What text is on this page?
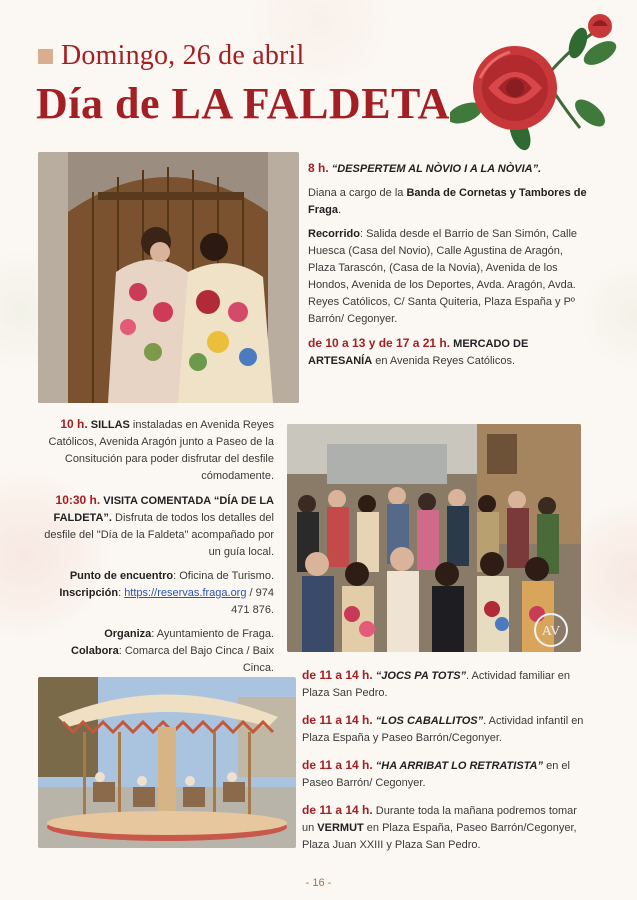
Domingo, 26 de abril
Día de LA FALDETA

8 h. “DESPERTEM AL NÒVIO I A LA NÒVIA”.

Diana a cargo de la Banda de Cornetas y Tambores de Fraga.

Recorrido: Salida desde el Barrio de San Simón, Calle Huesca (Casa del Novio), Calle Agustina de Aragón, Plaza Tarascón, (Casa de la Novia), Avenida de los Hondos, Avenida de los Deportes, Avda. Aragón, Avda. Reyes Católicos, C/ Santa Quiteria, Plaza España y Pº Barrón/ Cegonyer.

de 10 a 13 y de 17 a 21 h. MERCADO DE ARTESANÍA en Avenida Reyes Católicos.

10 h. SILLAS instaladas en Avenida Reyes Católicos, Avenida Aragón junto a Paseo de la Consitución para poder disfrutar del desfile cómodamente.

10:30 h. VISITA COMENTADA “DÍA DE LA FALDETA”. Disfruta de todos los detalles del desfile del "Día de la Faldeta" acompañado por un guía local.

Punto de encuentro: Oficina de Turismo.

Inscripción: https://reservas.fraga.org / 974 471 876.

Organiza: Ayuntamiento de Fraga.

Colabora: Comarca del Bajo Cinca / Baix Cinca.

AV

de 11 a 14 h. “JOCS PA TOTS”. Actividad familiar en Plaza San Pedro.

de 11 a 14 h. “LOS CABALLITOS”. Actividad infantil en Plaza España y Paseo Barrón/Cegonyer.

de 11 a 14 h. “HA ARRIBAT LO RETRATISTA” en el Paseo Barrón/ Cegonyer.

de 11 a 14 h. Durante toda la mañana podremos tomar un VERMUT en Plaza España, Paseo Barrón/Cegonyer, Plaza Juan XXIII y Plaza San Pedro.

- 16 -
